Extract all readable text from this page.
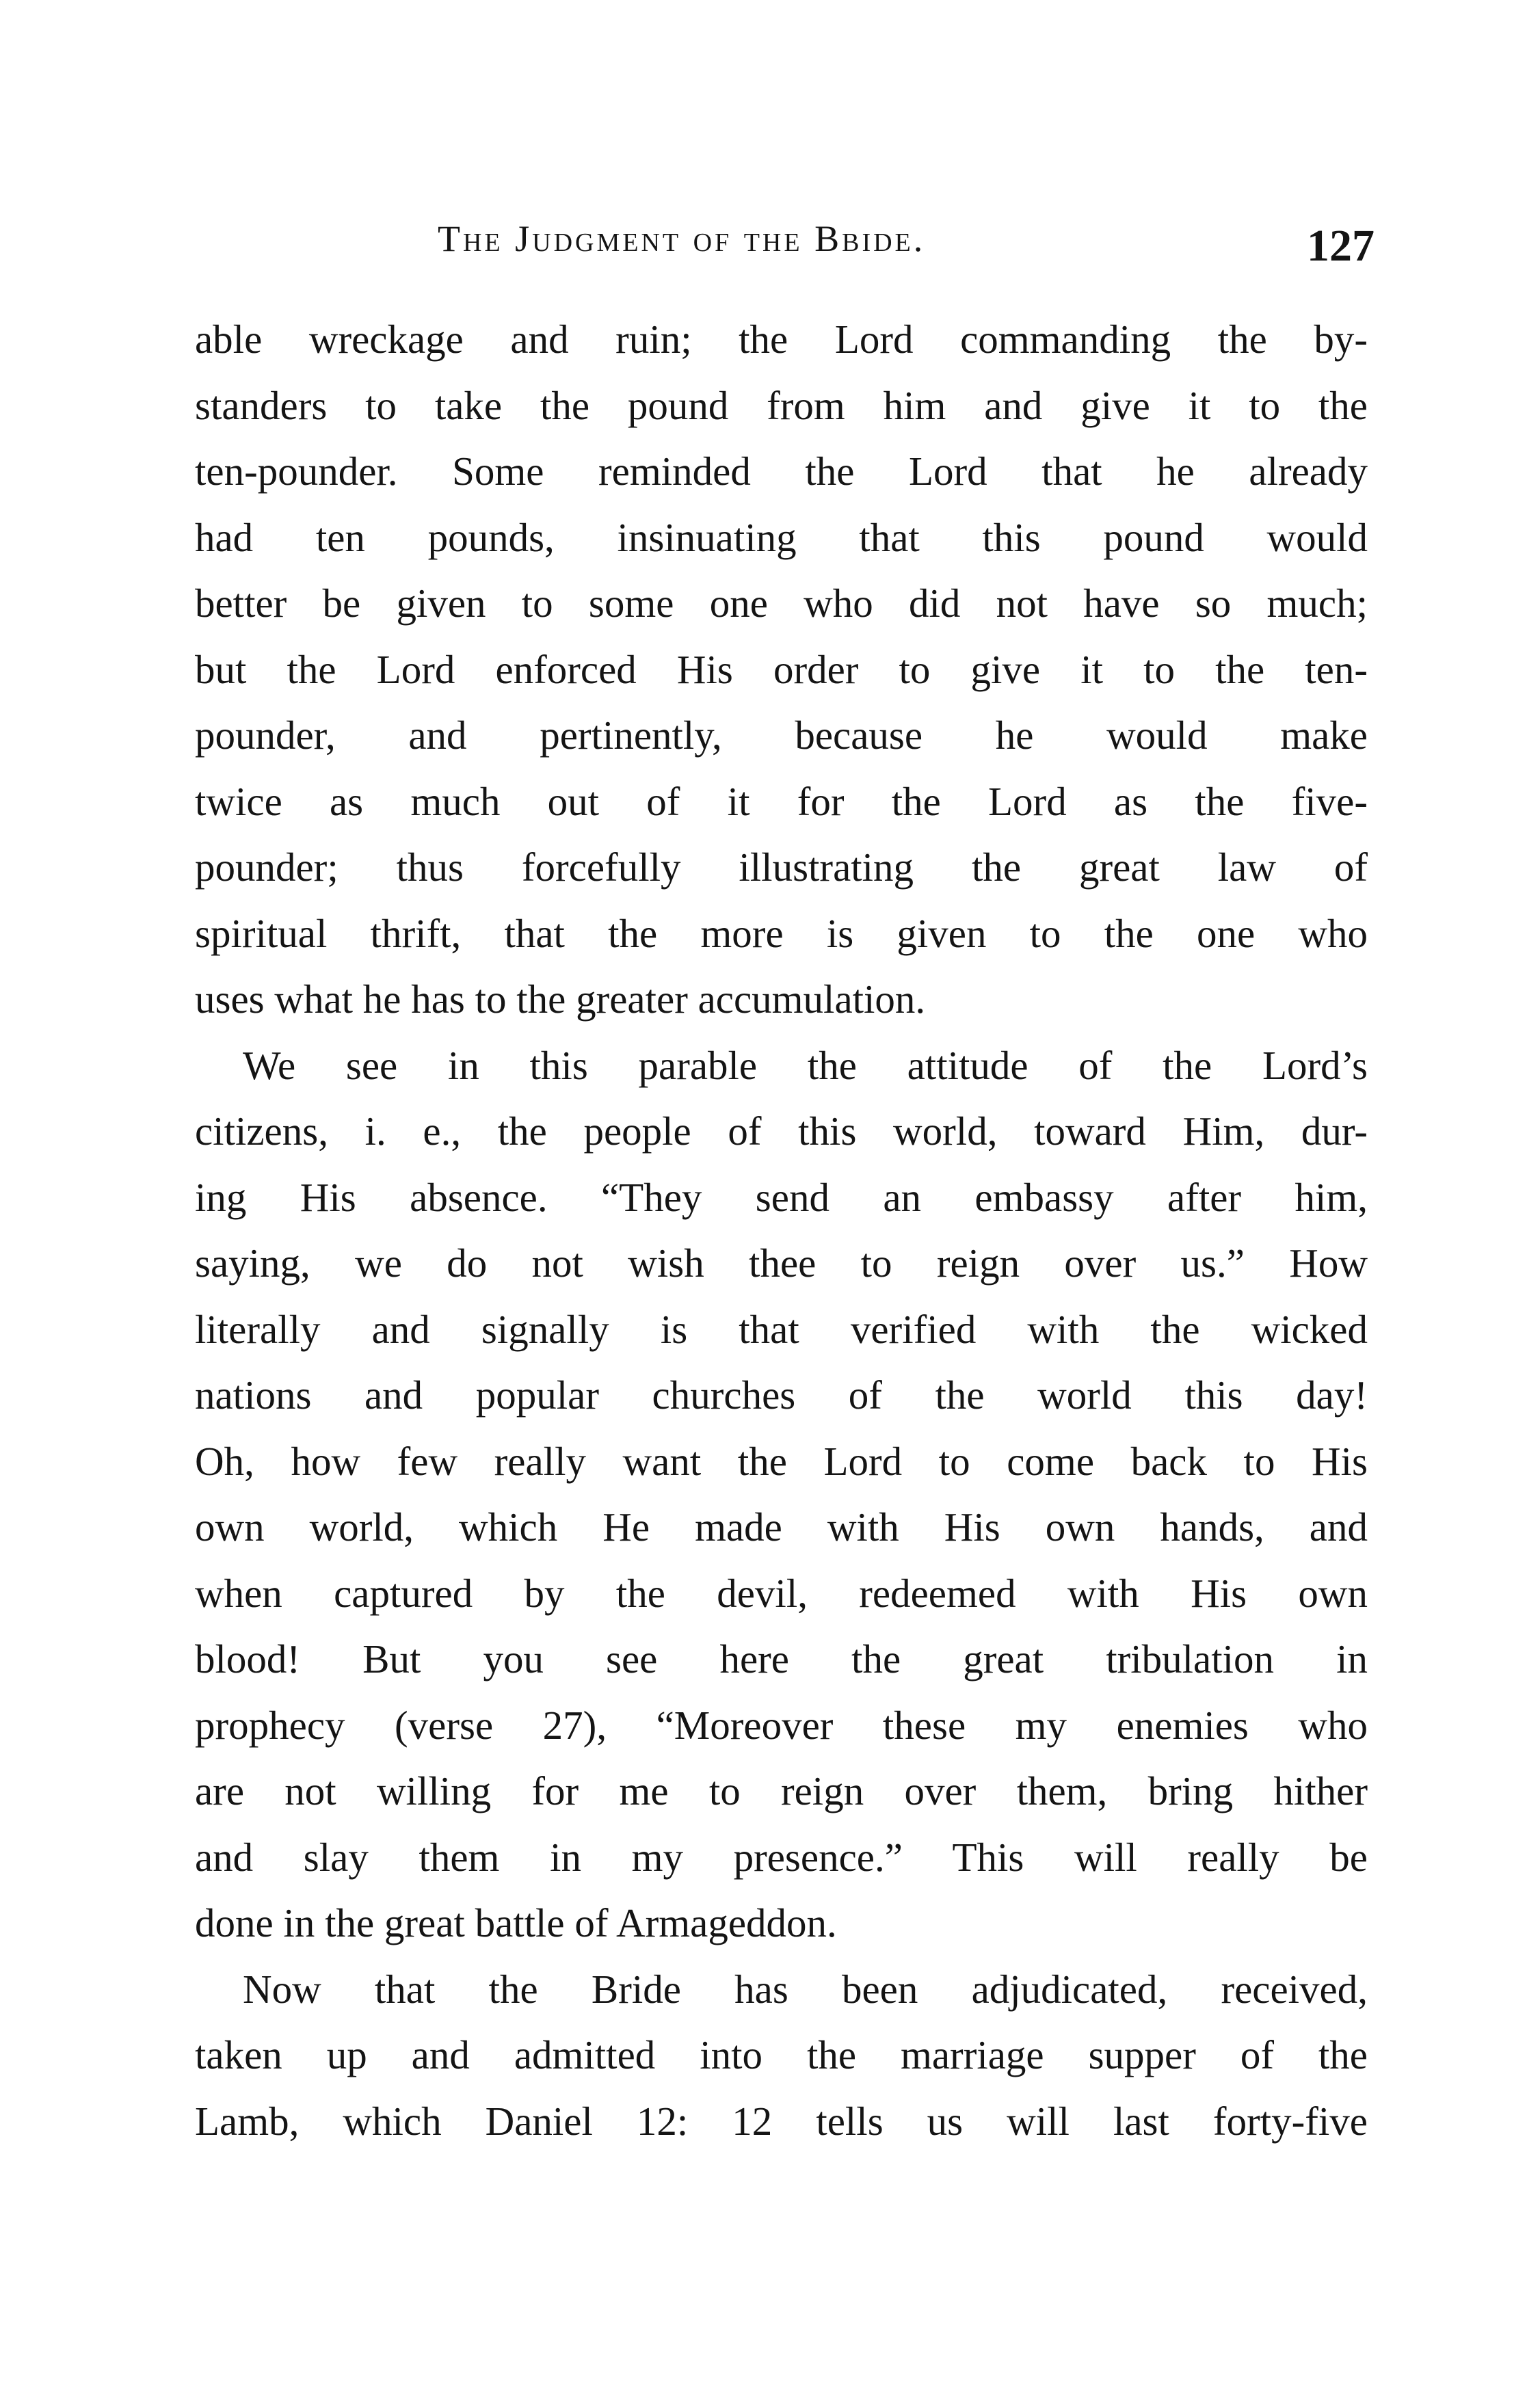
The Judgment of the Bbide.	127
able wreckage and ruin; the Lord commanding the by-
standers to take the pound from him and give it to the
ten-pounder. Some reminded the Lord that he already
had ten pounds, insinuating that this pound would
better be given to some one who did not have so much;
but the Lord enforced His order to give it to the ten-
pounder, and pertinently, because he would make
twice as much out of it for the Lord as the five-
pounder; thus forcefully illustrating the great law of
spiritual thrift, that the more is given to the one who
uses what he has to the greater accumulation.
We see in this parable the attitude of the Lord’s
citizens, i. e., the people of this world, toward Him, dur-
ing His absence. “They send an embassy after him,
saying, we do not wish thee to reign over us.” How
literally and signally is that verified with the wicked
nations and popular churches of the world this day!
Oh, how few really want the Lord to come back to His
own world, which He made with His own hands, and
when captured by the devil, redeemed with His own
blood! But you see here the great tribulation in
prophecy (verse 27), “Moreover these my enemies who
are not willing for me to reign over them, bring hither
and slay them in my presence.” This will really be
done in the great battle of Armageddon.
Now that the Bride has been adjudicated, received,
taken up and admitted into the marriage supper of the
Lamb, which Daniel 12: 12 tells us will last forty-five
